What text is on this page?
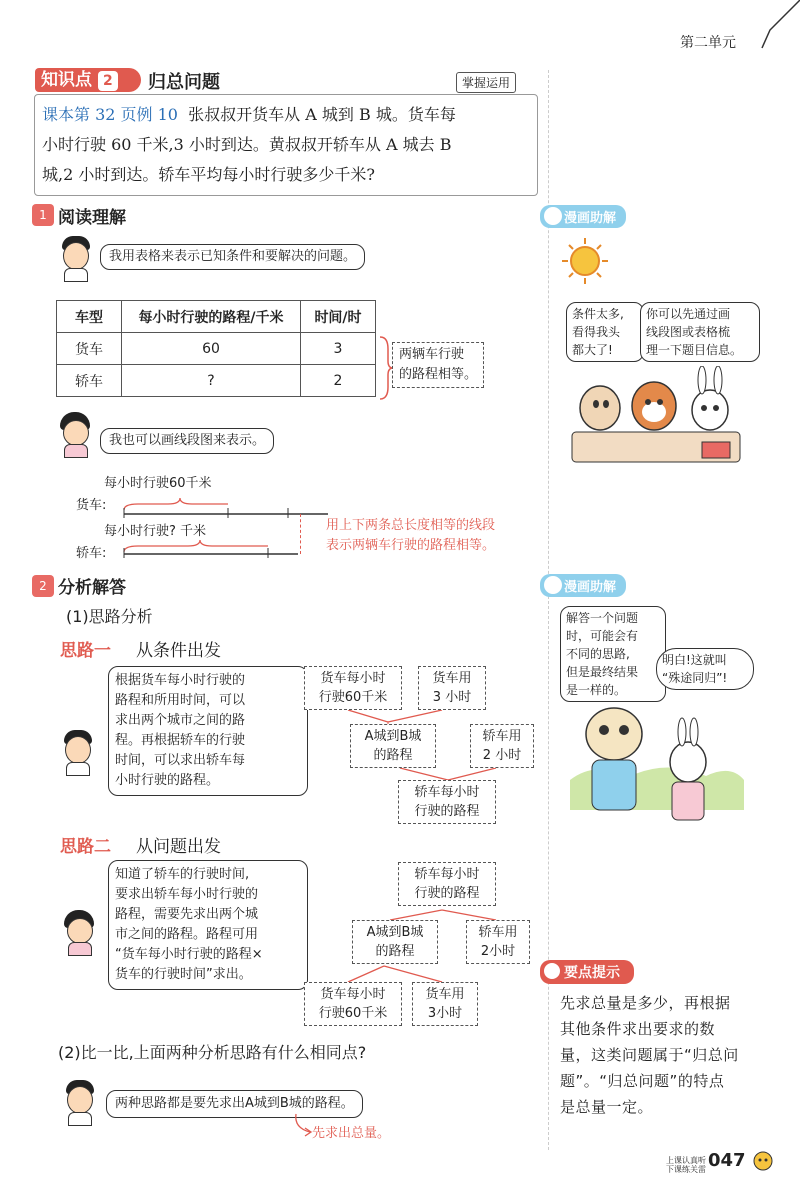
第二单元
知识点 2	归总问题	掌握运用
课本第 32 页例 10 张叔叔开货车从 A 城到 B 城。货车每
小时行驶 60 千米,3 小时到达。黄叔叔开轿车从 A 城去 B
城,2 小时到达。轿车平均每小时行驶多少千米?
1 阅读理解
我用表格来表示已知条件和要解决的问题。
车型	每小时行驶的路程/千米	时间/时
货车	60	3
轿车	?	2
两辆车行驶
的路程相等。
我也可以画线段图来表示。
每小时行驶60千米
货车:
每小时行驶? 千米
轿车:
用上下两条总长度相等的线段
表示两辆车行驶的路程相等。
2 分析解答
(1)思路分析
思路一 从条件出发
根据货车每小时行驶的
路程和所用时间，可以
求出两个城市之间的路
程。再根据轿车的行驶
时间，可以求出轿车每
小时行驶的路程。
货车每小时
行驶60千米
货车用
3 小时
A城到B城
的路程
轿车用
2 小时
轿车每小时
行驶的路程
思路二 从问题出发
知道了轿车的行驶时间,
要求出轿车每小时行驶的
路程，需要先求出两个城
市之间的路程。路程可用
“货车每小时行驶的路程×
货车的行驶时间”求出。
轿车每小时
行驶的路程
A城到B城
的路程
轿车用
2小时
货车每小时
行驶60千米
货车用
3小时
(2)比一比,上面两种分析思路有什么相同点?
两种思路都是要先求出A城到B城的路程。
先求出总量。
漫画助解
条件太多,
看得我头
都大了!
你可以先通过画
线段图或表格梳
理一下题目信息。
漫画助解
解答一个问题
时，可能会有
不同的思路,
但是最终结果
是一样的。
明白!这就叫
“殊途同归”!
要点提示
先求总量是多少，再根据
其他条件求出要求的数
量，这类问题属于“归总问
题”。“归总问题”的特点
是总量一定。
上课认真听
下课练关雷 047
